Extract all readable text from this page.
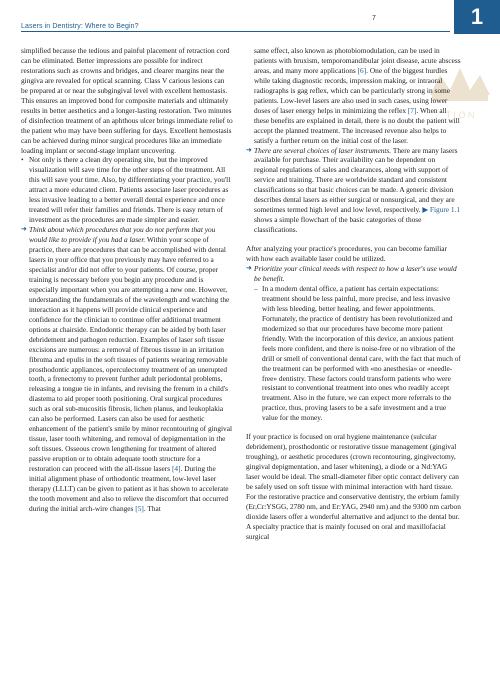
Lasers in Dentistry: Where to Begin?
7	1
T I O N

simplified because the tedious and painful placement of retraction cord can be eliminated. Better impressions are possible for indirect restorations such as crowns and bridges, and clearer margins near the gingiva are revealed for optical scanning. Class V carious lesions can be prepared at or near the subgingival level with excellent hemostasis. This ensures an improved bond for composite materials and ultimately results in better aesthetics and a longer-lasting restoration. Two minutes of disinfection treatment of an aphthous ulcer brings immediate relief to the patient who may have been suffering for days. Excellent hemostasis can be achieved during minor surgical procedures like an immediate loading implant or second-stage implant uncovering.

• Not only is there a clean dry operating site, but the improved visualization will save time for the other steps of the treatment. All this will save your time. Also, by differentiating your practice, you'll attract a more educated client. Patients associate laser procedures as less invasive leading to a better overall dental experience and once treated will refer their families and friends. There is easy return of investment as the procedures are made simpler and easier.

➜ Think about which procedures that you do not perform that you would like to provide if you had a laser. Within your scope of practice, there are procedures that can be accomplished with dental lasers in your office that you previously may have referred to a specialist and/or did not offer to your patients. Of course, proper training is necessary before you begin any procedure and is especially important when you are attempting a new one. However, understanding the fundamentals of the wavelength and watching the interaction as it happens will provide clinical experience and confidence for the clinician to continue offer additional treatment options at chairside. Endodontic therapy can be aided by both laser debridement and pathogen reduction. Examples of laser soft tissue excisions are numerous: a removal of fibrous tissue in an irritation fibroma and epulis in the soft tissues of patients wearing removable prosthodontic appliances, operculectomy treatment of an unerupted tooth, a frenectomy to prevent further adult periodontal problems, releasing a tongue tie in infants, and revising the frenum in a child's diastema to aid proper tooth positioning. Oral surgical procedures such as oral sub-mucositis fibrosis, lichen planus, and leukoplakia can also be performed. Lasers can also be used for aesthetic enhancement of the patient's smile by minor recontouring of gingival tissue, laser tooth whitening, and removal of depigmentation in the soft tissues. Osseous crown lengthening for treatment of altered passive eruption or to obtain adequate tooth structure for a restoration can proceed with the all-tissue lasers [4]. During the initial alignment phase of orthodontic treatment, low-level laser therapy (LLLT) can be given to patient as it has shown to accelerate the tooth movement and also to relieve the discomfort that occurred during the initial arch-wire changes [5]. That
same effect, also known as photobiomodulation, can be used in patients with bruxism, temporomandibular joint disease, acute abscess areas, and many more applications [6]. One of the biggest hurdles while taking diagnostic records, impression making, or intraoral radiographs is gag reflex, which can be particularly strong in some patients. Low-level lasers are also used in such cases, using lower doses of laser energy helps in minimizing the reflex [7]. When all these benefits are explained in detail, there is no doubt the patient will accept the planned treatment. The increased revenue also helps to satisfy a further return on the initial cost of the laser.
➜ There are several choices of laser instruments. There are many lasers available for purchase. Their availability can be dependent on regional regulations of sales and clearances, along with support of service and training. There are worldwide standard and consistent classifications so that basic choices can be made. A generic division describes dental lasers as either surgical or nonsurgical, and they are sometimes termed high level and low level, respectively. ▶ Figure 1.1 shows a simple flowchart of the basic categories of those classifications.

After analyzing your practice's procedures, you can become familiar with how each available laser could be utilized.

➜ Prioritize your clinical needs with respect to how a laser's use would be benefit.

– In a modern dental office, a patient has certain expectations: treatment should be less painful, more precise, and less invasive with less bleeding, better healing, and fewer appointments. Fortunately, the practice of dentistry has been revolutionized and modernized so that our procedures have become more patient friendly. With the incorporation of this device, an anxious patient feels more confident, and there is noise-free or no vibration of the drill or smell of conventional dental care, with the fact that much of the treatment can be performed with «no anesthesia» or «needle-free» dentistry. These factors could transform patients who were resistant to conventional treatment into ones who readily accept treatment. Also in the future, we can expect more referrals to the practice, thus, proving lasers to be a safe investment and a true value for the money.

If your practice is focused on oral hygiene maintenance (sulcular debridement), prosthodontic or restorative tissue management (gingival troughing), or aesthetic procedures (crown recontouring, gingivectomy, gingival depigmentation, and laser whitening), a diode or a Nd:YAG laser would be ideal. The small-diameter fiber optic contact delivery can be safely used on soft tissue with minimal interaction with hard tissue. For the restorative practice and conservative dentistry, the erbium family (Er,Cr:YSGG, 2780 nm, and Er:YAG, 2940 nm) and the 9300 nm carbon dioxide lasers offer a wonderful alternative and adjunct to the dental bur. A specialty practice that is mainly focused on oral and maxillofacial surgical
